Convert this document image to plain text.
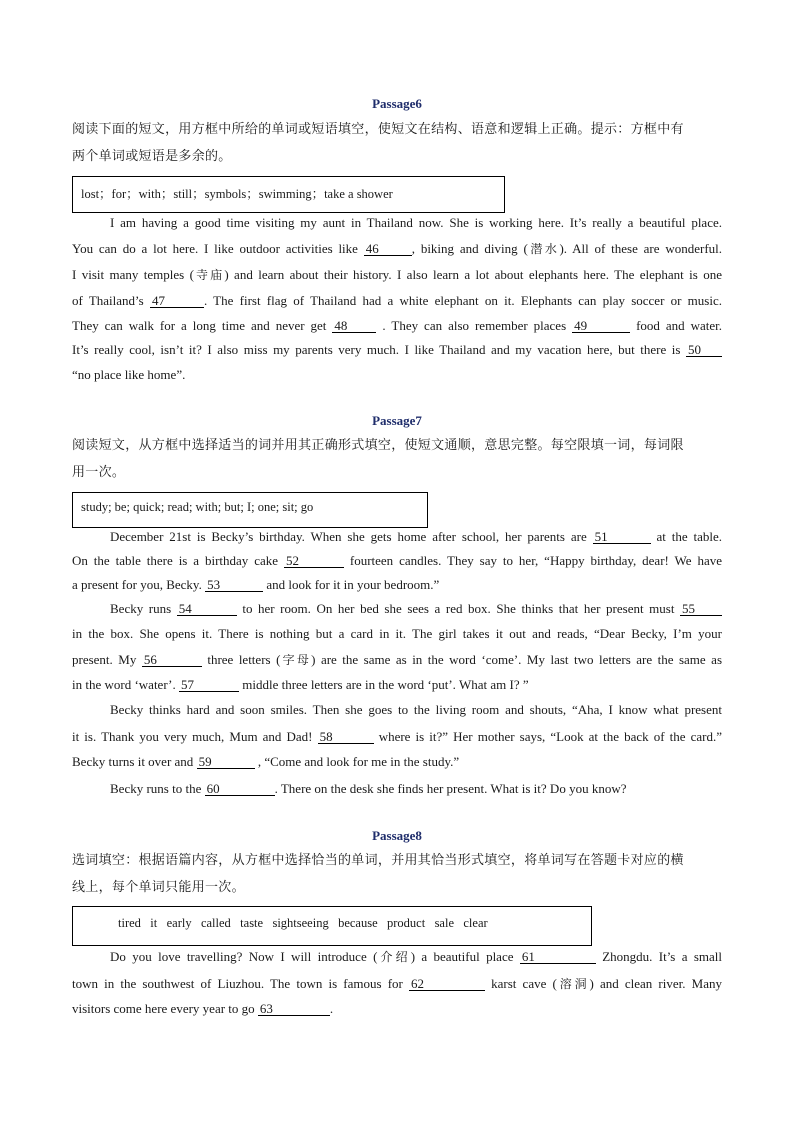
Passage6
阅读下面的短文，用方框中所给的单词或短语填空，使短文在结构、语意和逻辑上正确。提示：方框中有
两个单词或短语是多余的。
lost；for；with；still；symbols；swimming；take a shower
I am having a good time visiting my aunt in Thailand now. She is working here. It’s really a beautiful place.
You can do a lot here. I like outdoor activities like 46	, biking and diving (潜水). All of these are wonderful.
I visit many temples (寺庙) and learn about their history. I also learn a lot about elephants here. The elephant is one
of Thailand’s 47	. The first flag of Thailand had a white elephant on it. Elephants can play soccer or music.
They can walk for a long time and never get 48	. They can also remember places 49	food and water.
It’s really cool, isn’t it? I also miss my parents very much. I like Thailand and my vacation here, but there is 50
“no place like home”.
Passage7
阅读短文，从方框中选择适当的词并用其正确形式填空，使短文通顺，意思完整。每空限填一词，每词限
用一次。
study; be; quick; read; with; but; I; one; sit; go
December 21st is Becky’s birthday. When she gets home after school, her parents are 51	at the table.
On the table there is a birthday cake 52	fourteen candles. They say to her, “Happy birthday, dear! We have
a present for you, Becky. 53	and look for it in your bedroom.”
Becky runs 54	to her room. On her bed she sees a red box. She thinks that her present must 55
in the box. She opens it. There is nothing but a card in it. The girl takes it out and reads, “Dear Becky, I’m your
present. My 56	three letters (字母) are the same as in the word ‘come’. My last two letters are the same as
in the word ‘water’. 57	middle three letters are in the word ‘put’. What am I? ”
Becky thinks hard and soon smiles. Then she goes to the living room and shouts, “Aha, I know what present
it is. Thank you very much, Mum and Dad! 58	where is it?” Her mother says, “Look at the back of the card.”
Becky turns it over and 59	, “Come and look for me in the study.”
Becky runs to the 60	. There on the desk she finds her present. What is it? Do you know?
Passage8
选词填空：根据语篇内容，从方框中选择恰当的单词，并用其恰当形式填空，将单词写在答题卡对应的横
线上，每个单词只能用一次。
tired   it   early   called   taste   sightseeing   because   product   sale   clear
Do you love travelling? Now I will introduce (介绍) a beautiful place 61	Zhongdu. It’s a small
town in the southwest of Liuzhou. The town is famous for 62	karst cave (溶洞) and clean river. Many
visitors come here every year to go 63	.
